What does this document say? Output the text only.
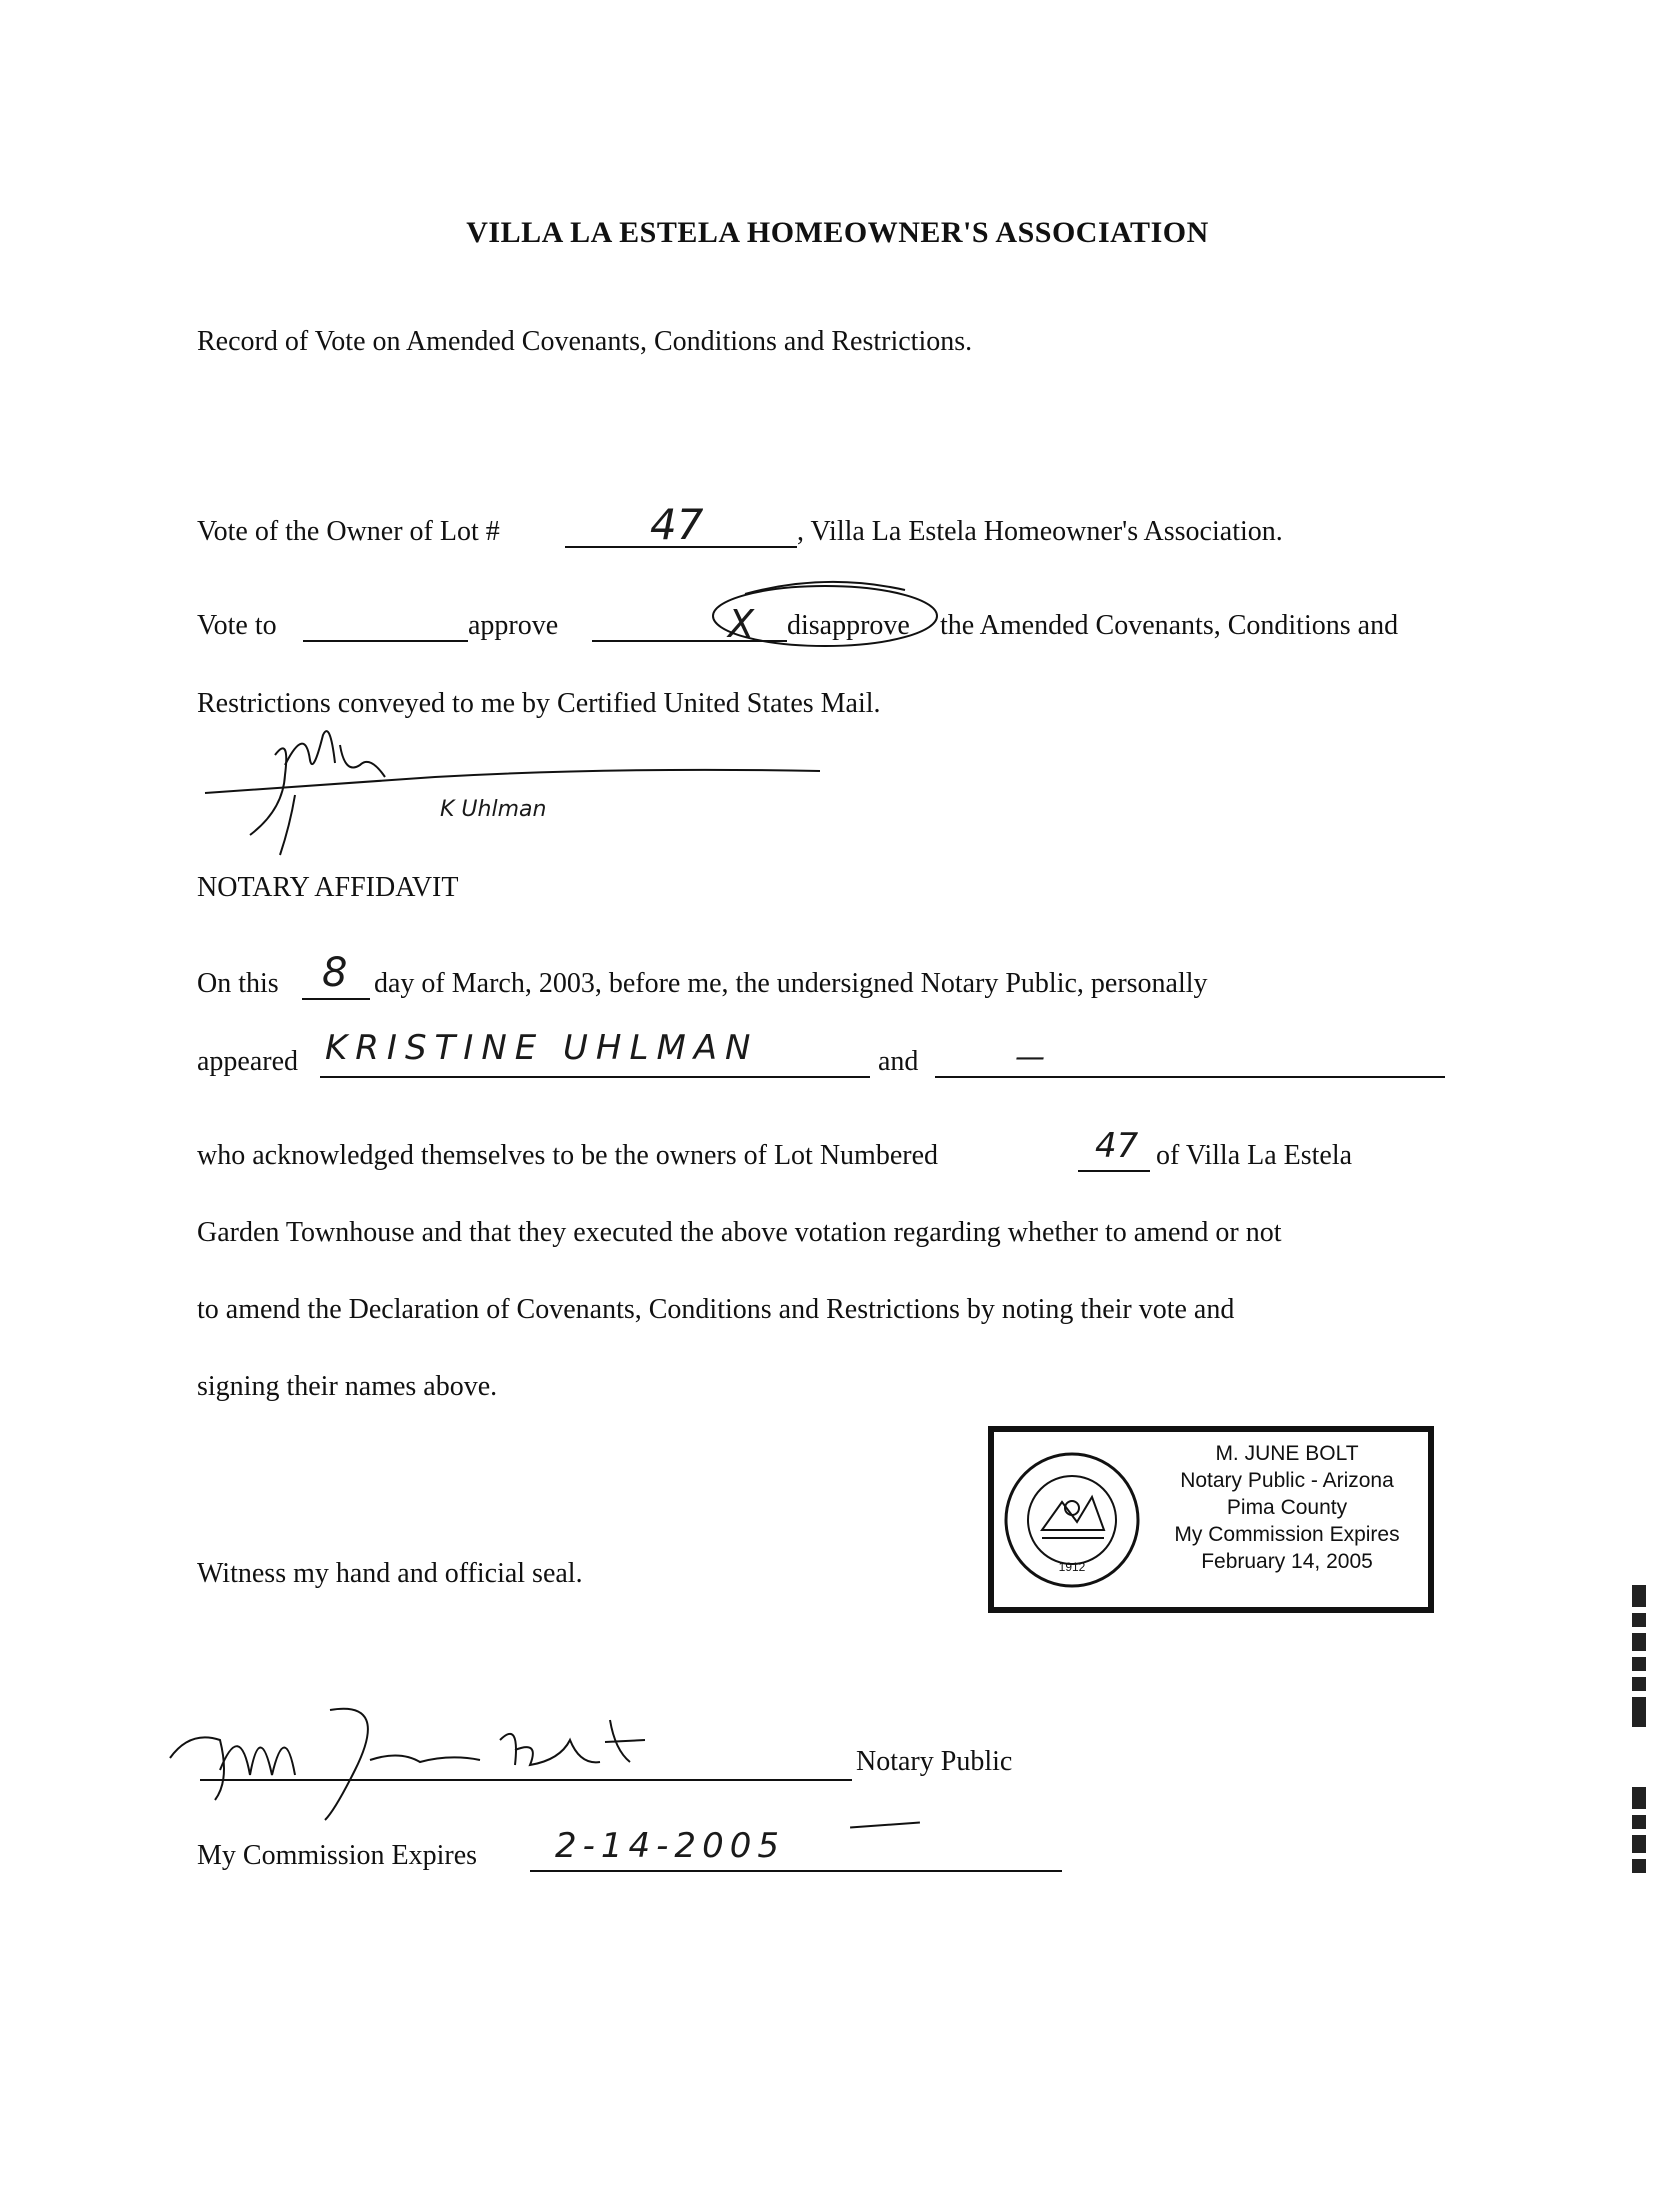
VILLA LA ESTELA HOMEOWNER'S ASSOCIATION
Record of Vote on Amended Covenants, Conditions and Restrictions.
Vote of the Owner of Lot #	47	, Villa La Estela Homeowner's Association.
Vote to	approve	X disapprove the Amended Covenants, Conditions and
Restrictions conveyed to me by Certified United States Mail.
K Uhlman
NOTARY AFFIDAVIT
On this 8 day of March, 2003, before me, the undersigned Notary Public, personally
appeared KRISTINE UHLMAN	and	—
who acknowledged themselves to be the owners of Lot Numbered	47 of Villa La Estela
Garden Townhouse and that they executed the above votation regarding whether to amend or not
to amend the Declaration of Covenants, Conditions and Restrictions by noting their vote and
signing their names above.
Witness my hand and official seal.	1912
M. JUNE BOLT
Notary Public - Arizona
Pima County
My Commission Expires
February 14, 2005
Notary Public
My Commission Expires 2-14-2005
